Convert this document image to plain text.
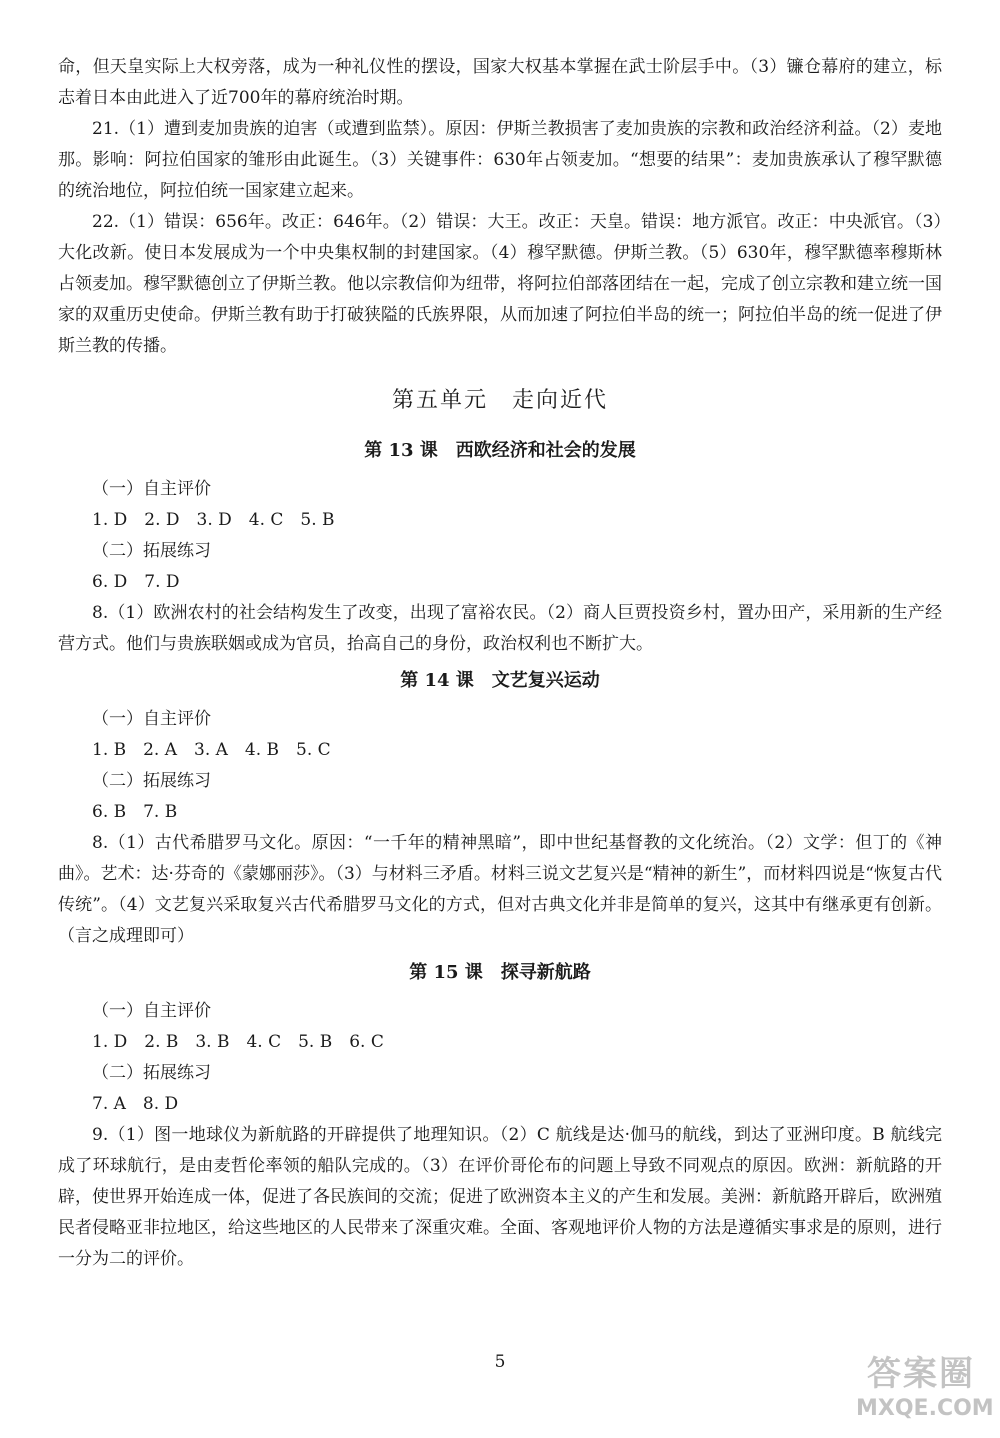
命，但天皇实际上大权旁落，成为一种礼仪性的摆设，国家大权基本掌握在武士阶层手中。（3）镰仓幕府的建立，标志着日本由此进入了近700年的幕府统治时期。

21.（1）遭到麦加贵族的迫害（或遭到监禁）。原因：伊斯兰教损害了麦加贵族的宗教和政治经济利益。（2）麦地那。影响：阿拉伯国家的雏形由此诞生。（3）关键事件：630年占领麦加。“想要的结果”：麦加贵族承认了穆罕默德的统治地位，阿拉伯统一国家建立起来。

22.（1）错误：656年。改正：646年。（2）错误：大王。改正：天皇。错误：地方派官。改正：中央派官。（3）大化改新。使日本发展成为一个中央集权制的封建国家。（4）穆罕默德。伊斯兰教。（5）630年，穆罕默德率穆斯林占领麦加。穆罕默德创立了伊斯兰教。他以宗教信仰为纽带，将阿拉伯部落团结在一起，完成了创立宗教和建立统一国家的双重历史使命。伊斯兰教有助于打破狭隘的氏族界限，从而加速了阿拉伯半岛的统一；阿拉伯半岛的统一促进了伊斯兰教的传播。

第五单元　走向近代
第 13 课　西欧经济和社会的发展

（一）自主评价

1. D　2. D　3. D　4. C　5. B

（二）拓展练习

6. D　7. D

8.（1）欧洲农村的社会结构发生了改变，出现了富裕农民。（2）商人巨贾投资乡村，置办田产，采用新的生产经营方式。他们与贵族联姻或成为官员，抬高自己的身份，政治权利也不断扩大。

第 14 课　文艺复兴运动

（一）自主评价

1. B　2. A　3. A　4. B　5. C

（二）拓展练习

6. B　7. B

8.（1）古代希腊罗马文化。原因：“一千年的精神黑暗”，即中世纪基督教的文化统治。（2）文学：但丁的《神曲》。艺术：达·芬奇的《蒙娜丽莎》。（3）与材料三矛盾。材料三说文艺复兴是“精神的新生”，而材料四说是“恢复古代传统”。（4）文艺复兴采取复兴古代希腊罗马文化的方式，但对古典文化并非是简单的复兴，这其中有继承更有创新。（言之成理即可）

第 15 课　探寻新航路

（一）自主评价

1. D　2. B　3. B　4. C　5. B　6. C

（二）拓展练习

7. A　8. D

9.（1）图一地球仪为新航路的开辟提供了地理知识。（2）C 航线是达·伽马的航线，到达了亚洲印度。B 航线完成了环球航行，是由麦哲伦率领的船队完成的。（3）在评价哥伦布的问题上导致不同观点的原因。欧洲：新航路的开辟，使世界开始连成一体，促进了各民族间的交流；促进了欧洲资本主义的产生和发展。美洲：新航路开辟后，欧洲殖民者侵略亚非拉地区，给这些地区的人民带来了深重灾难。全面、客观地评价人物的方法是遵循实事求是的原则，进行一分为二的评价。

5	答案圈
MXQE.COM
